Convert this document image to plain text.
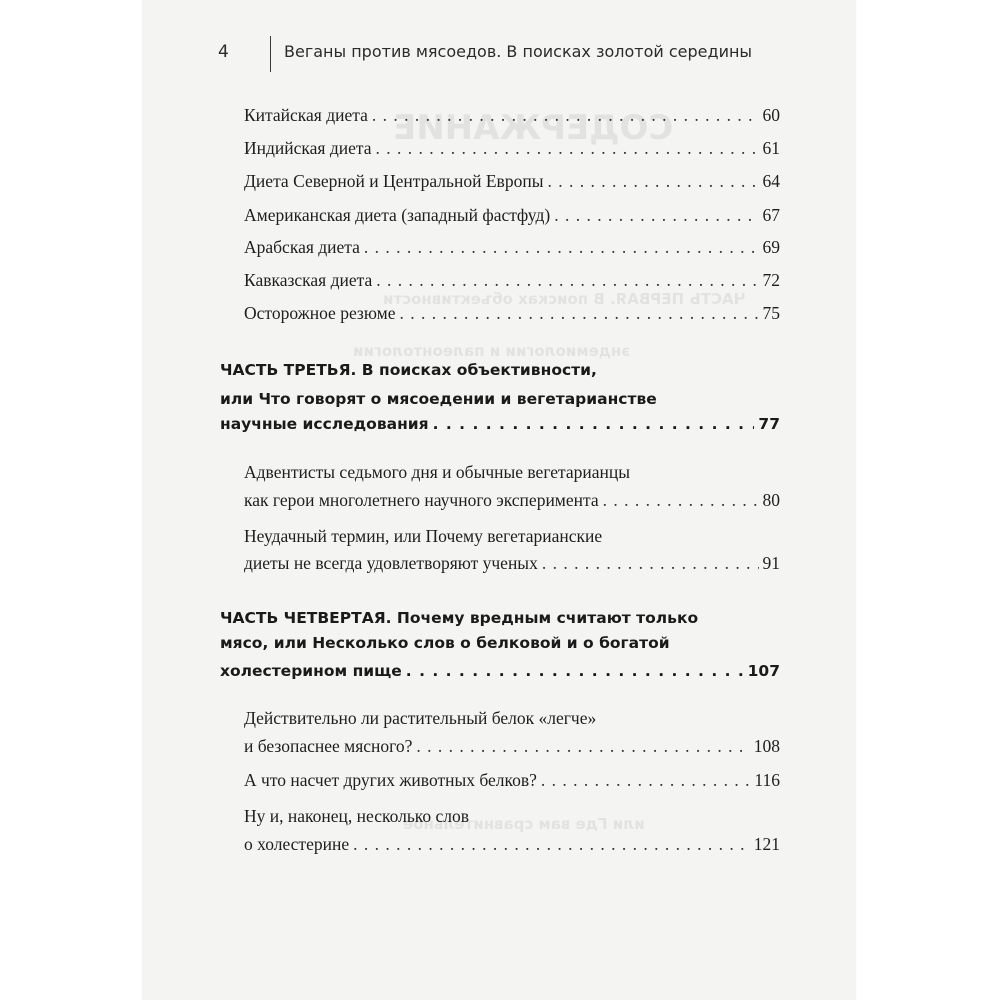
СОДЕРЖАНИЕ
ЧАСТЬ ПЕРВАЯ. В поисках объективности
эндемиологии и палеонтологии
или Где вам сравнительное
4	Веганы против мясоедов. В поисках золотой середины
Китайская диета . . .	60
Индийская диета . . .	61
Диета Северной и Центральной Европы . . .	64
Американская диета (западный фастфуд) . . .	67
Арабская диета . . .	69
Кавказская диета . . .	72
Осторожное резюме . . .	75
ЧАСТЬ ТРЕТЬЯ. В поисках объективности,
или Что говорят о мясоедении и вегетарианстве
научные исследования . . .	77
Адвентисты седьмого дня и обычные вегетарианцы
как герои многолетнего научного эксперимента . . .	80
Неудачный термин, или Почему вегетарианские
диеты не всегда удовлетворяют ученых . . .	91
ЧАСТЬ ЧЕТВЕРТАЯ. Почему вредным считают только
мясо, или Несколько слов о белковой и о богатой
холестерином пище . . .	107
Действительно ли растительный белок «легче»
и безопаснее мясного? . . .	108
А что насчет других животных белков? . . .	116
Ну и, наконец, несколько слов
о холестерине . . .	121
